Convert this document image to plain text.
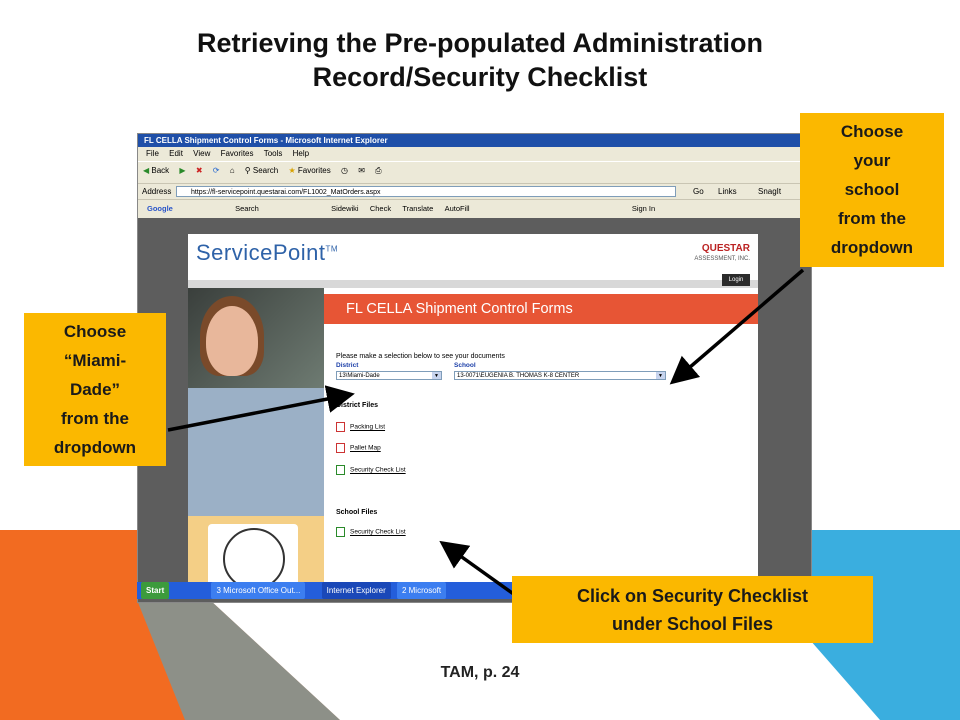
Retrieving the Pre-populated Administration
Record/Security Checklist
FL CELLA Shipment Control Forms - Microsoft Internet Explorer
File Edit View Favorites Tools Help
◀ Back ▶ ✖ ⟳ ⌂ ⚲ Search ★ Favorites ◷ ✉ ⎙
Address	https://fl-servicepoint.questarai.com/FL1002_MatOrders.aspx	Go Links	SnagIt
Google	Search	Sidewiki Check Translate AutoFill	Sign In
ServicePoint™	QUESTAR
ASSESSMENT, INC.
Login
FL CELLA Shipment Control Forms
Please make a selection below to see your documents
District	School
13\Miami-Dade	▼	13-0071\EUGENIA B. THOMAS K-8 CENTER	▼
District Files
Packing List
Pallet Map
Security Check List
School Files
Security Check List
Start	3 Microsoft Office Out...	Internet Explorer 2 Microsoft
Choose
your
school
from the
dropdown
Choose
“Miami-
Dade”
from the
dropdown
Click on Security Checklist
under School Files
TAM, p. 24
